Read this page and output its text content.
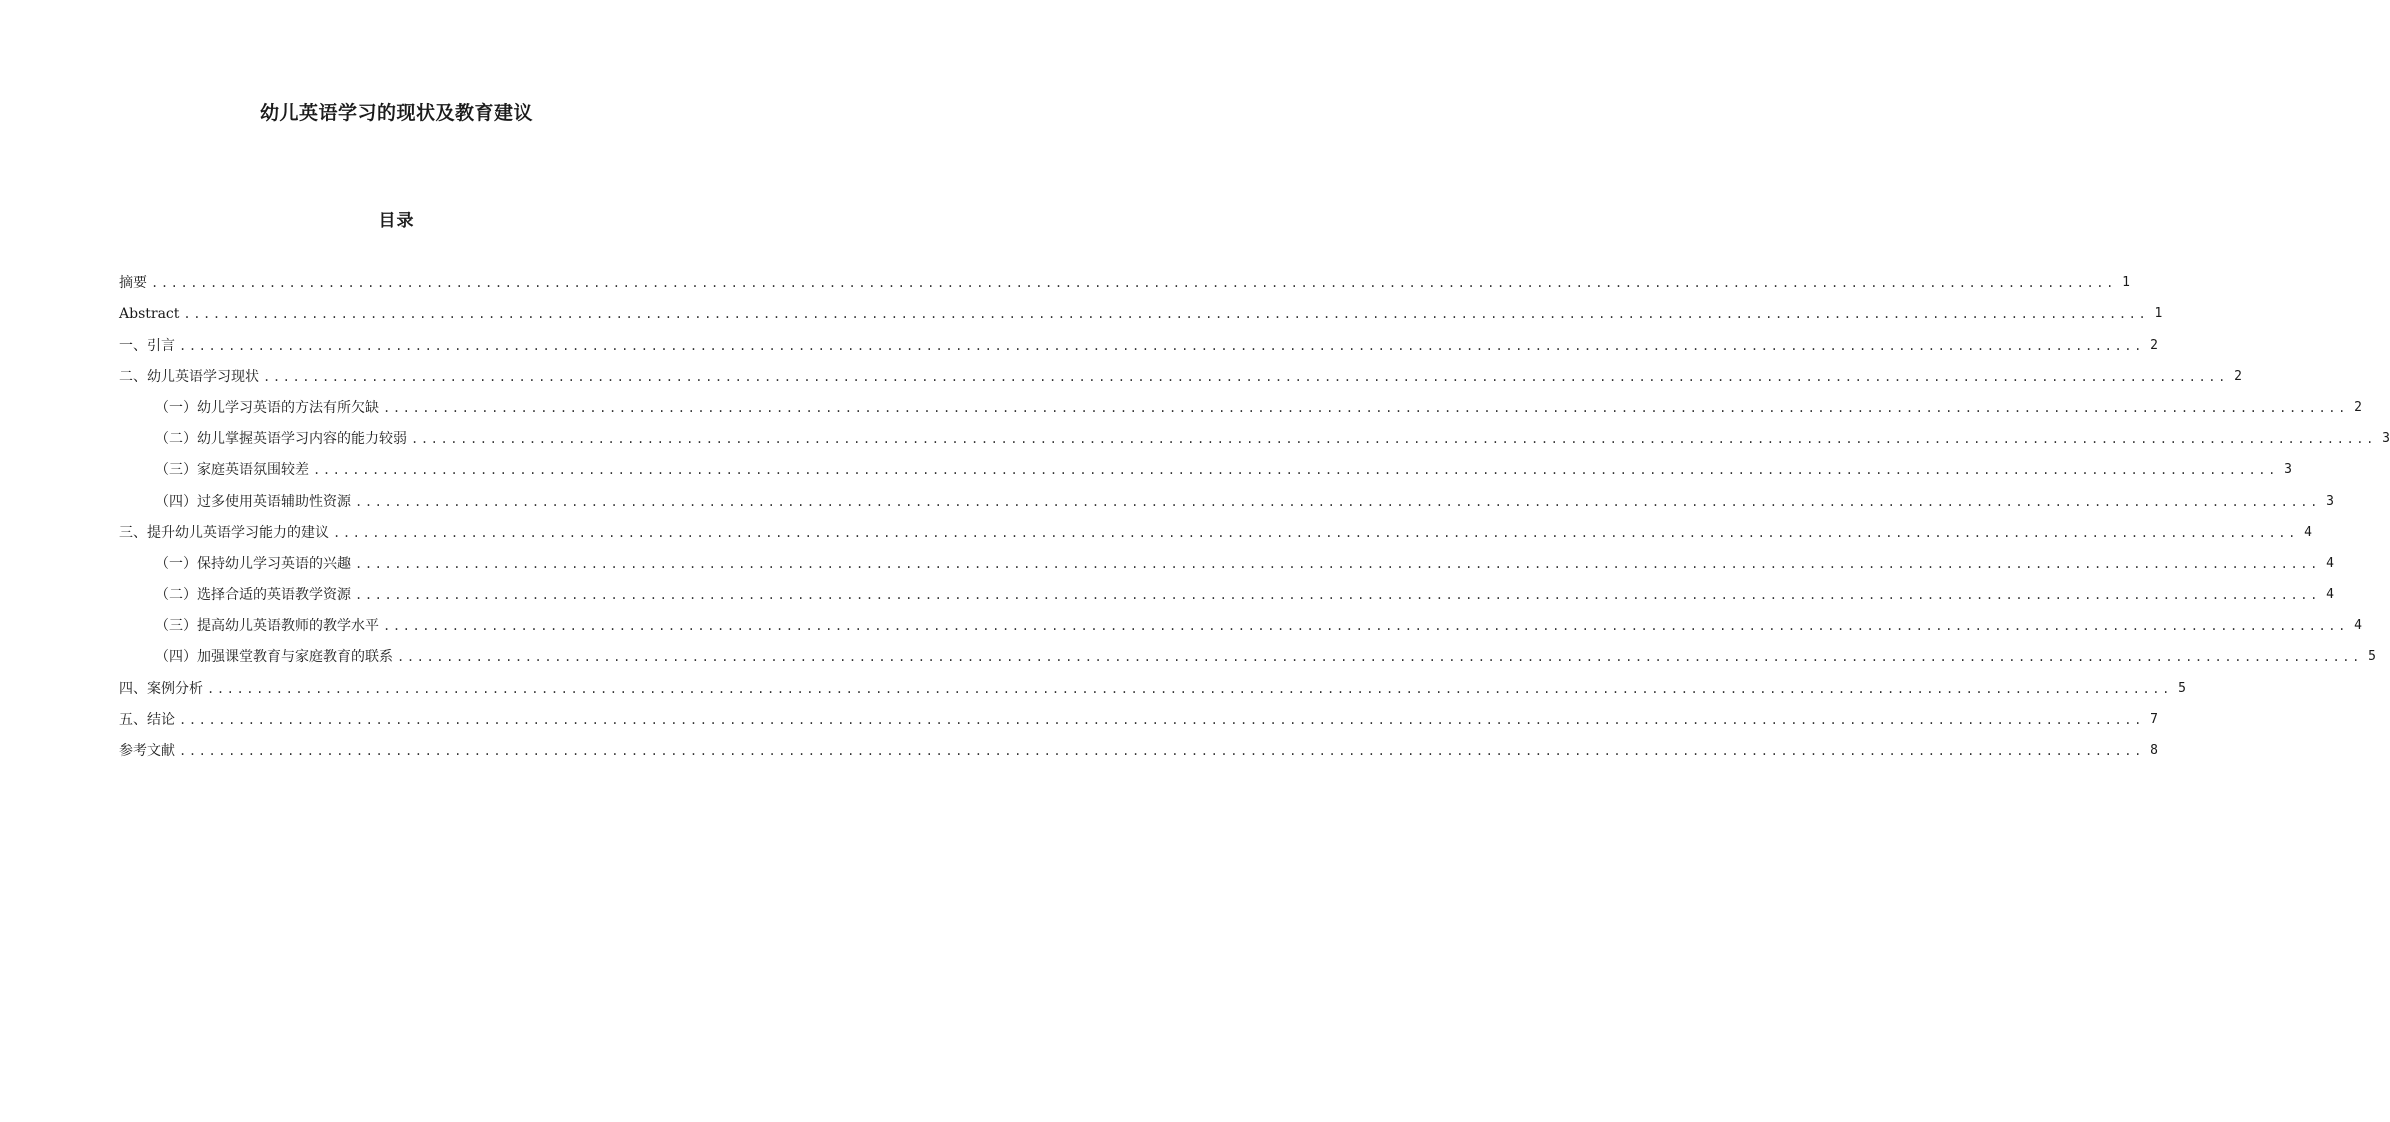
幼儿英语学习的现状及教育建议
目录
摘要 ........................................................................................................................................................................................................ 1
Abstract ........................................................................................................................................................................................................ 1
一、引言 ........................................................................................................................................................................................................ 2
二、幼儿英语学习现状 ........................................................................................................................................................................................................ 2
（一）幼儿学习英语的方法有所欠缺 ........................................................................................................................................................................................................ 2
（二）幼儿掌握英语学习内容的能力较弱 ........................................................................................................................................................................................................ 3
（三）家庭英语氛围较差 ........................................................................................................................................................................................................ 3
（四）过多使用英语辅助性资源 ........................................................................................................................................................................................................ 3
三、提升幼儿英语学习能力的建议 ........................................................................................................................................................................................................ 4
（一）保持幼儿学习英语的兴趣 ........................................................................................................................................................................................................ 4
（二）选择合适的英语教学资源 ........................................................................................................................................................................................................ 4
（三）提高幼儿英语教师的教学水平 ........................................................................................................................................................................................................ 4
（四）加强课堂教育与家庭教育的联系 ........................................................................................................................................................................................................ 5
四、案例分析 ........................................................................................................................................................................................................ 5
五、结论 ........................................................................................................................................................................................................ 7
参考文献 ........................................................................................................................................................................................................ 8
